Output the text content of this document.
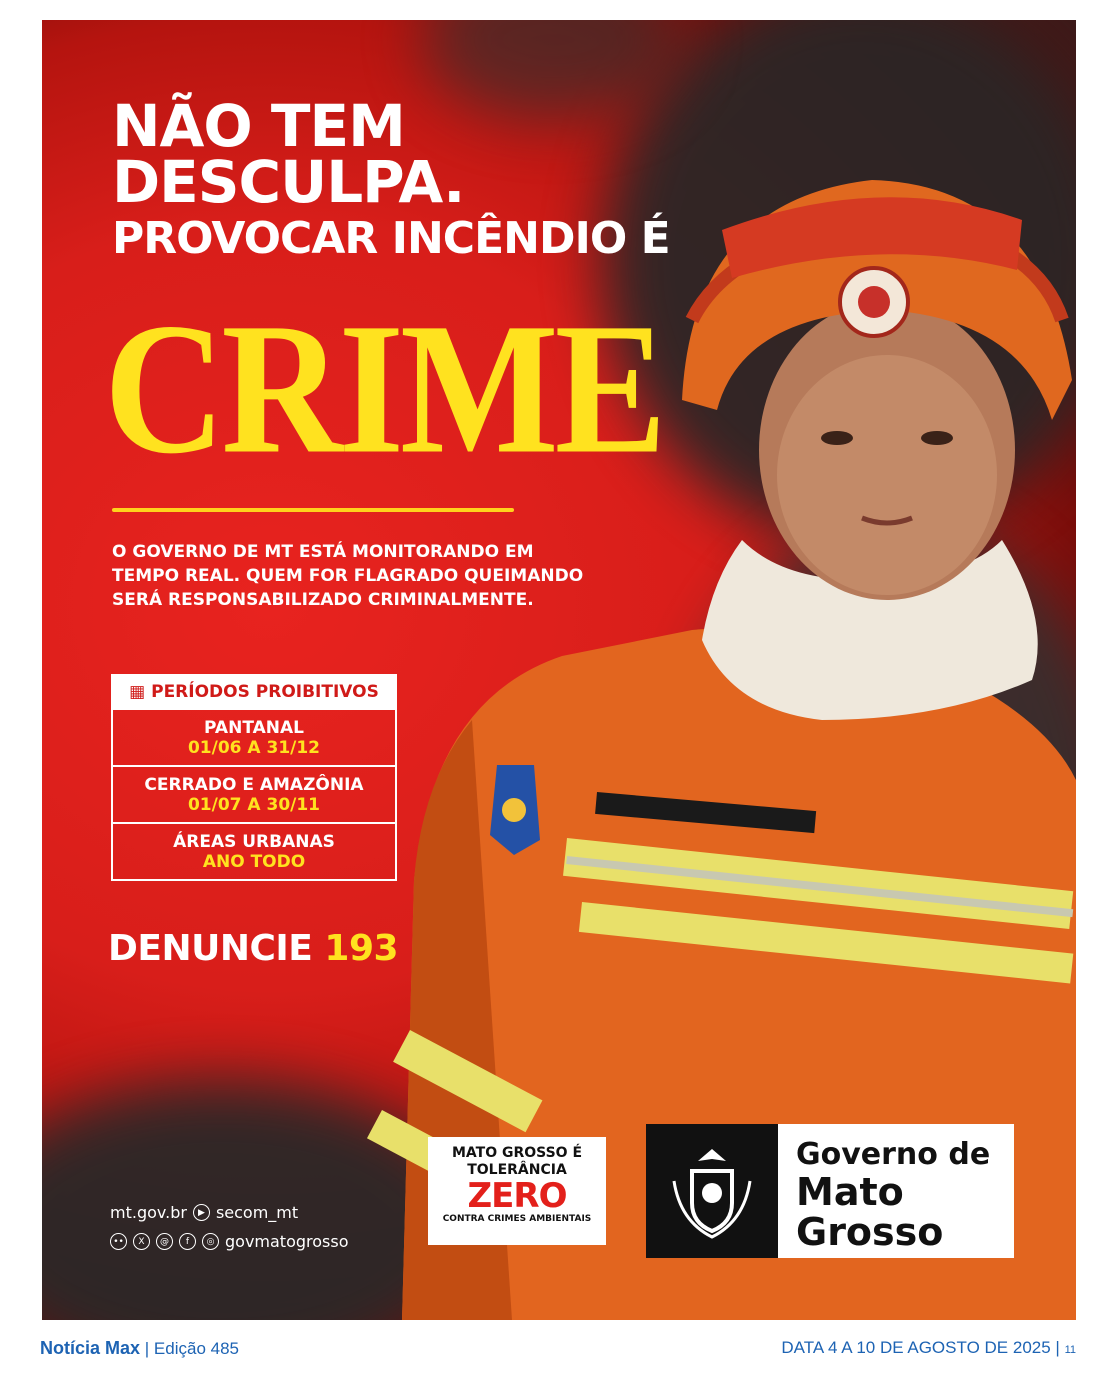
NÃO TEM
DESCULPA.
PROVOCAR INCÊNDIO É
CRIME
O GOVERNO DE MT ESTÁ MONITORANDO EM
TEMPO REAL. QUEM FOR FLAGRADO QUEIMANDO
SERÁ RESPONSABILIZADO CRIMINALMENTE.
▦ PERÍODOS PROIBITIVOS
PANTANAL
01/06 A 31/12
CERRADO E AMAZÔNIA
01/07 A 30/11
ÁREAS URBANAS
ANO TODO
DENUNCIE 193
mt.gov.br	▶ secom_mt
••	X	@	f	◎ govmatogrosso
MATO GROSSO É
TOLERÂNCIA
ZERO
CONTRA CRIMES AMBIENTAIS
Governo de
Mato
Grosso
Notícia Max | Edição 485	DATA 4 A 10 DE AGOSTO DE 2025 | 11
